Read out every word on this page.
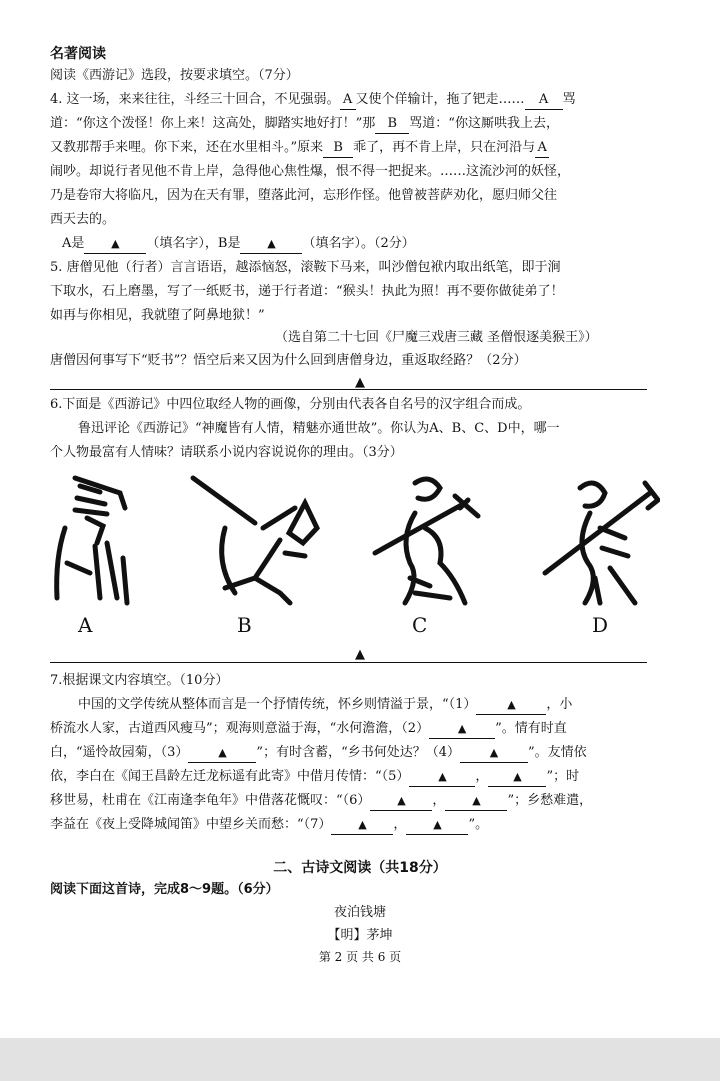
名著阅读
阅读《西游记》选段，按要求填空。（7分）
4. 这一场，来来往往，斗经三十回合，不见强弱。 A 又使个佯输计，拖了钯走…… A 骂
道：“你这个泼怪！你上来！这高处，脚踏实地好打！”那 B 骂道：“你这厮哄我上去，
又教那帮手来哩。你下来，还在水里相斗。”原来 B 乖了，再不肯上岸，只在河沿与 A
闹吵。却说行者见他不肯上岸，急得他心焦性爆，恨不得一把捉来。……这流沙河的妖怪，
乃是卷帘大将临凡，因为在天有罪，堕落此河，忘形作怪。他曾被菩萨劝化，愿归师父往
西天去的。
A是 ▲ （填名字），B是 ▲ （填名字）。（2分）
5. 唐僧见他（行者）言言语语，越添恼怒，滚鞍下马来，叫沙僧包袱内取出纸笔，即于涧
下取水，石上磨墨，写了一纸贬书，递于行者道：“猴头！执此为照！再不要你做徒弟了！
如再与你相见，我就堕了阿鼻地狱！”
（选自第二十七回《尸魔三戏唐三藏 圣僧恨逐美猴王》）
唐僧因何事写下“贬书”？悟空后来又因为什么回到唐僧身边，重返取经路？（2分）
▲
6.下面是《西游记》中四位取经人物的画像，分别由代表各自名号的汉字组合而成。
鲁迅评论《西游记》“神魔皆有人情，精魅亦通世故”。你认为A、B、C、D中，哪一
个人物最富有人情味？请联系小说内容说说你的理由。（3分）
A	B	C	D
▲
7.根据课文内容填空。（10分）
中国的文学传统从整体而言是一个抒情传统，怀乡则情溢于景，“（1）	▲ ，小
桥流水人家，古道西风瘦马”；观海则意溢于海，“水何澹澹，（2）	▲ ”。情有时直
白，“遥怜故园菊，（3）	▲ ”；有时含蓄，“乡书何处达？（4）	▲ ”。友情依
依，李白在《闻王昌龄左迁龙标遥有此寄》中借月传情：“（5）	▲ ， ▲ ”；时
移世易，杜甫在《江南逢李龟年》中借落花慨叹：“（6） ▲ ， ▲ ”；乡愁难遣，
李益在《夜上受降城闻笛》中望乡关而愁：“（7） ▲ ， ▲ ”。
二、古诗文阅读（共18分）
阅读下面这首诗，完成8～9题。（6分）
夜泊钱塘
【明】茅坤
第 2 页 共 6 页
